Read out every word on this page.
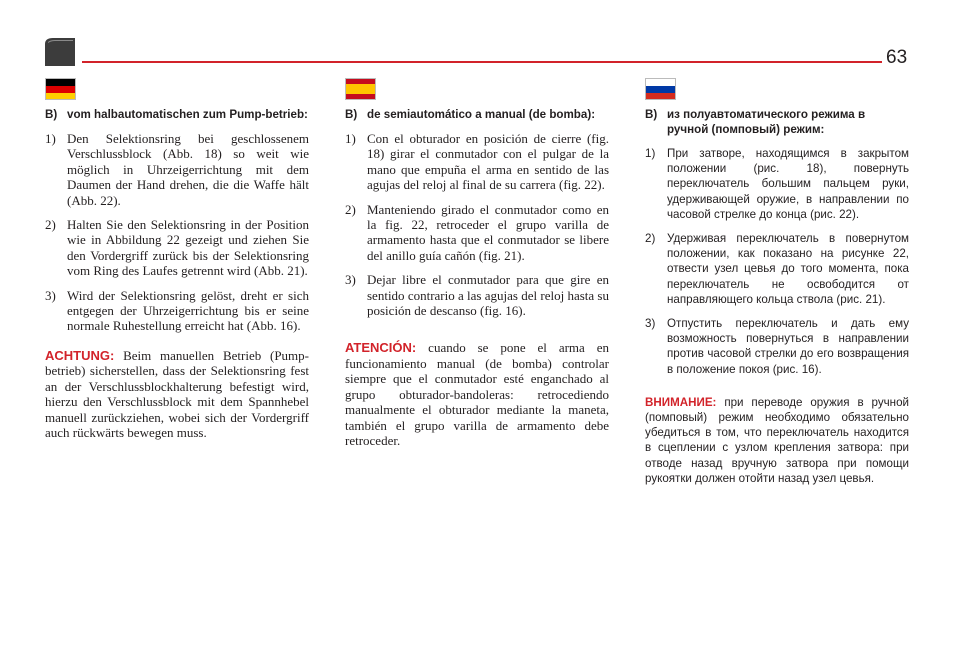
63
B) vom halbautomatischen zum Pump-betrieb:
1) Den Selektionsring bei geschlossenem Verschlussblock (Abb. 18) so weit wie möglich in Uhrzeigerrichtung mit dem Daumen der Hand drehen, die die Waffe hält (Abb. 22).
2) Halten Sie den Selektionsring in der Position wie in Abbildung 22 gezeigt und ziehen Sie den Vordergriff zurück bis der Selektionsring vom Ring des Laufes getrennt wird (Abb. 21).
3) Wird der Selektionsring gelöst, dreht er sich entgegen der Uhrzeigerrichtung bis er seine normale Ruhestellung erreicht hat (Abb. 16).
ACHTUNG: Beim manuellen Betrieb (Pump-betrieb) sicherstellen, dass der Selektionsring fest an der Verschlussblockhalterung befestigt wird, hierzu den Verschlussblock mit dem Spannhebel manuell zurückziehen, wobei sich der Vordergriff auch rückwärts bewegen muss.
B) de semiautomático a manual (de bomba):
1) Con el obturador en posición de cierre (fig. 18) girar el conmutador con el pulgar de la mano que empuña el arma en sentido de las agujas del reloj al final de su carrera (fig. 22).
2) Manteniendo girado el conmutador como en la fig. 22, retroceder el grupo varilla de armamento hasta que el conmutador se libere del anillo guía cañón (fig. 21).
3) Dejar libre el conmutador para que gire en sentido contrario a las agujas del reloj hasta su posición de descanso (fig. 16).
ATENCIÓN: cuando se pone el arma en funcionamiento manual (de bomba) controlar siempre que el conmutador esté enganchado al grupo obturador-bandoleras: retrocediendo manualmente el obturador mediante la maneta, también el grupo varilla de armamento debe retroceder.
B) из полуавтоматического режима в ручной (помповый) режим:
1)	При затворе, находящимся в закрытом положении (рис. 18), повернуть переключатель большим пальцем руки, удерживающей оружие, в направлении по часовой стрелке до конца (рис. 22).
2)	Удерживая переключатель в повернутом положении, как показано на рисунке 22, отвести узел цевья до того момента, пока переключатель не освободится от направляющего кольца ствола (рис. 21).
3)	Отпустить переключатель и дать ему возможность повернуться в направлении против часовой стрелки до его возвращения в положение покоя (рис. 16).
ВНИМАНИЕ: при переводе оружия в ручной (помповый) режим необходимо обязательно убедиться в том, что переключатель находится в сцеплении с узлом крепления затвора: при отводе назад вручную затвора при помощи рукоятки должен отойти назад узел цевья.
